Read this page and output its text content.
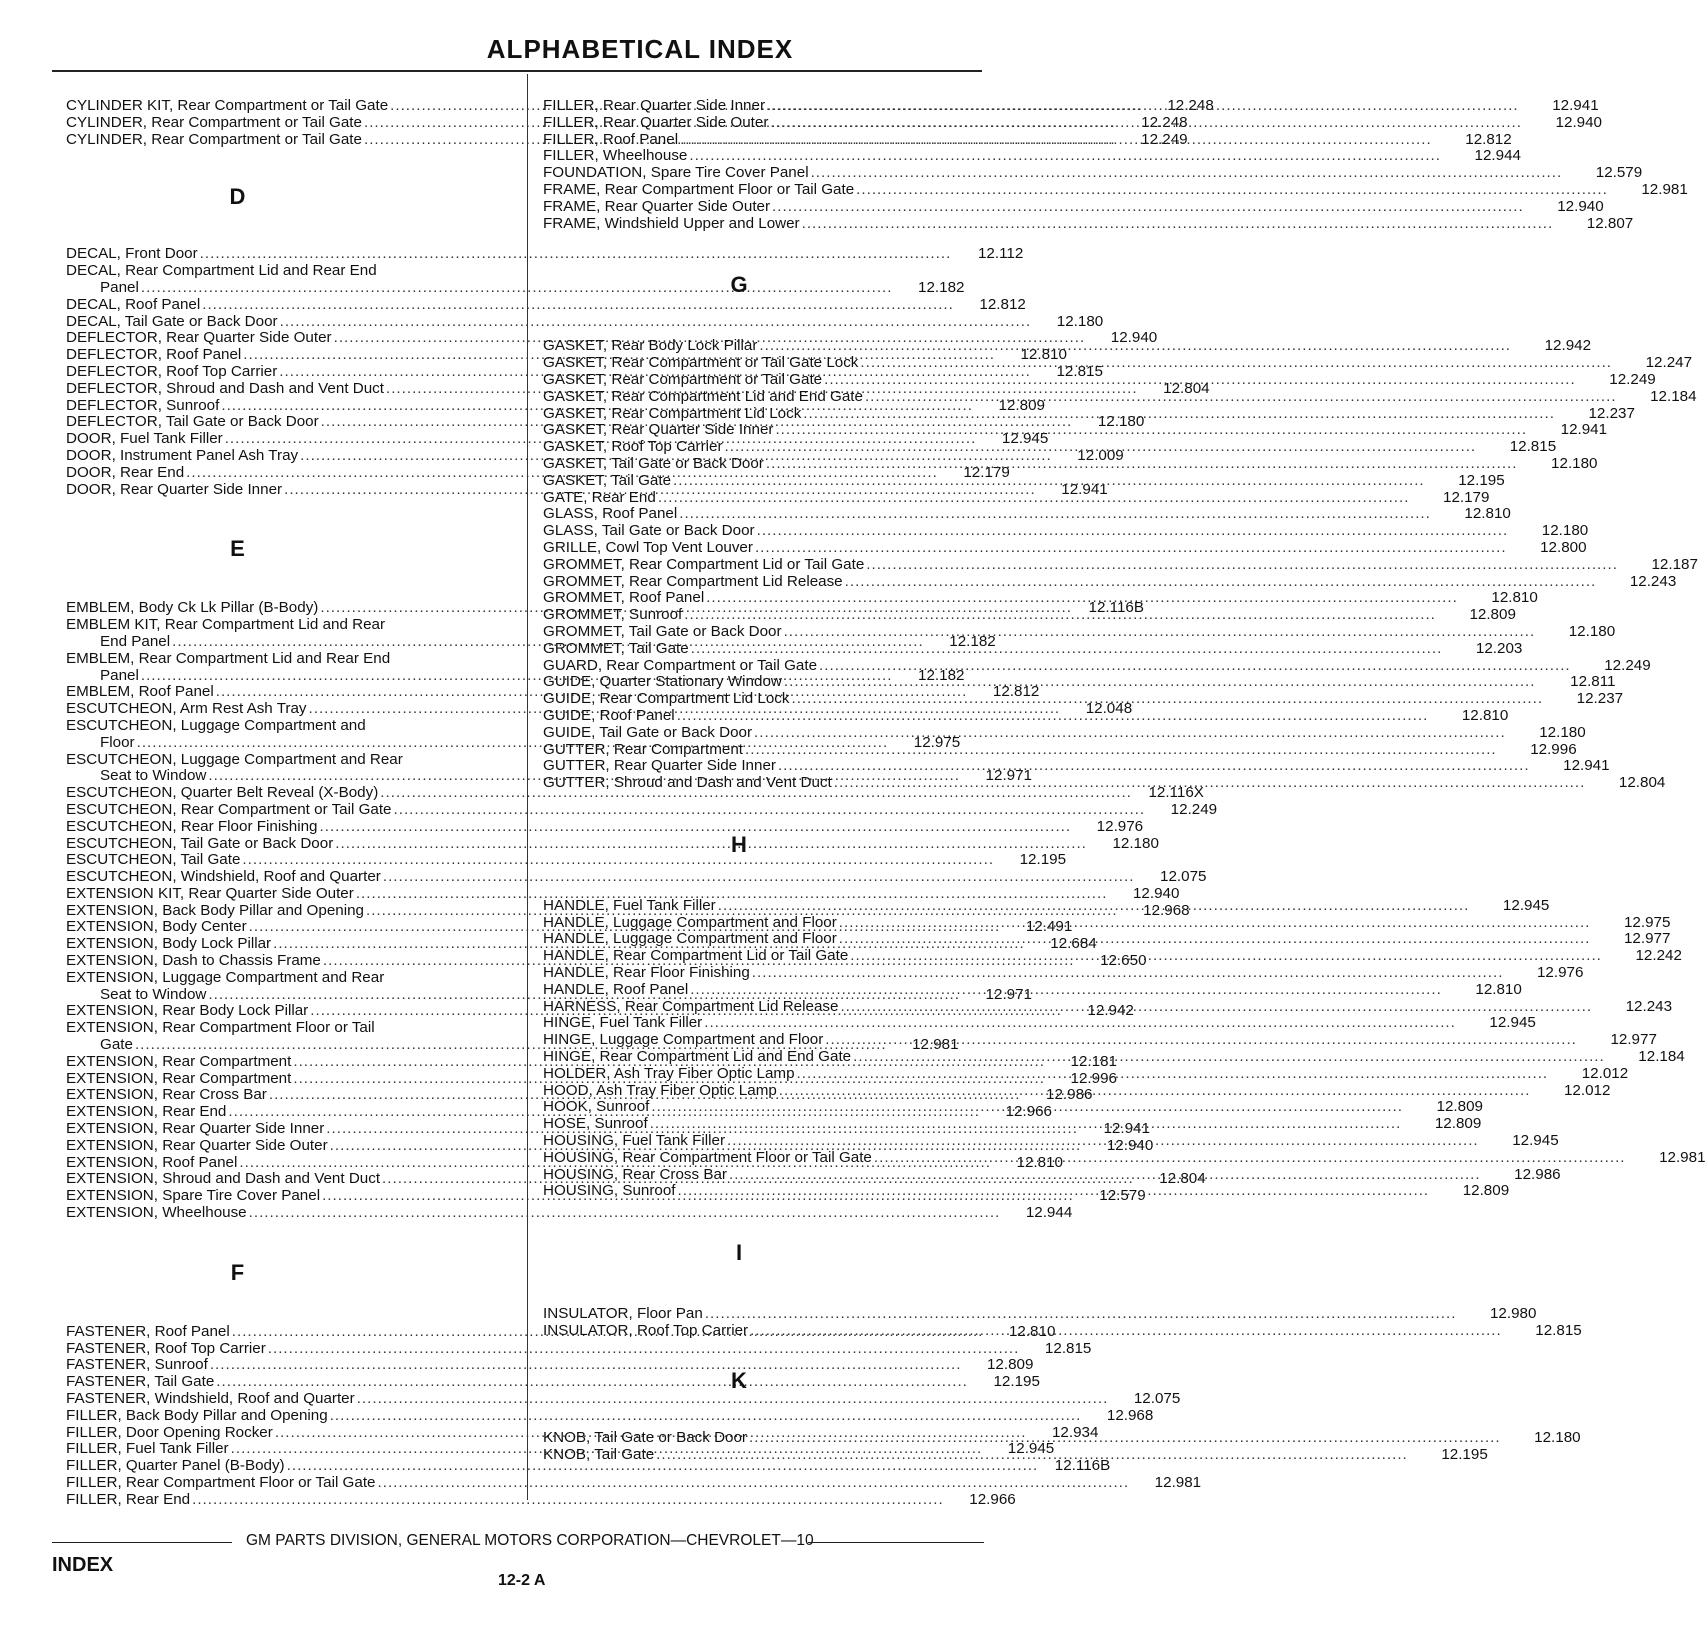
ALPHABETICAL INDEX
CYLINDER KIT, Rear Compartment or Tail Gate .....	12.248
CYLINDER, Rear Compartment or Tail Gate .....	12.248
CYLINDER, Rear Compartment or Tail Gate .....	12.249
D
DECAL, Front Door .....	12.112
DECAL, Rear Compartment Lid and Rear End
Panel .....	12.182
DECAL, Roof Panel .....	12.812
DECAL, Tail Gate or Back Door .....	12.180
DEFLECTOR, Rear Quarter Side Outer .....	12.940
DEFLECTOR, Roof Panel .....	12.810
DEFLECTOR, Roof Top Carrier .....	12.815
DEFLECTOR, Shroud and Dash and Vent Duct .....	12.804
DEFLECTOR, Sunroof .....	12.809
DEFLECTOR, Tail Gate or Back Door .....	12.180
DOOR, Fuel Tank Filler .....	12.945
DOOR, Instrument Panel Ash Tray .....	12.009
DOOR, Rear End .....	12.179
DOOR, Rear Quarter Side Inner .....	12.941
E
EMBLEM, Body Ck Lk Pillar (B-Body) .....	12.116B
EMBLEM KIT, Rear Compartment Lid and Rear
End Panel .....	12.182
EMBLEM, Rear Compartment Lid and Rear End
Panel .....	12.182
EMBLEM, Roof Panel .....	12.812
ESCUTCHEON, Arm Rest Ash Tray .....	12.048
ESCUTCHEON, Luggage Compartment and
Floor .....	12.975
ESCUTCHEON, Luggage Compartment and Rear
Seat to Window .....	12.971
ESCUTCHEON, Quarter Belt Reveal (X-Body) .....	12.116X
ESCUTCHEON, Rear Compartment or Tail Gate .....	12.249
ESCUTCHEON, Rear Floor Finishing .....	12.976
ESCUTCHEON, Tail Gate or Back Door .....	12.180
ESCUTCHEON, Tail Gate .....	12.195
ESCUTCHEON, Windshield, Roof and Quarter .....	12.075
EXTENSION KIT, Rear Quarter Side Outer .....	12.940
EXTENSION, Back Body Pillar and Opening .....	12.968
EXTENSION, Body Center .....	12.491
EXTENSION, Body Lock Pillar .....	12.684
EXTENSION, Dash to Chassis Frame .....	12.650
EXTENSION, Luggage Compartment and Rear
Seat to Window .....	12.971
EXTENSION, Rear Body Lock Pillar .....	12.942
EXTENSION, Rear Compartment Floor or Tail
Gate .....	12.981
EXTENSION, Rear Compartment .....	12.181
EXTENSION, Rear Compartment .....	12.996
EXTENSION, Rear Cross Bar .....	12.986
EXTENSION, Rear End .....	12.966
EXTENSION, Rear Quarter Side Inner .....	12.941
EXTENSION, Rear Quarter Side Outer .....	12.940
EXTENSION, Roof Panel .....	12.810
EXTENSION, Shroud and Dash and Vent Duct .....	12.804
EXTENSION, Spare Tire Cover Panel .....	12.579
EXTENSION, Wheelhouse .....	12.944
F
FASTENER, Roof Panel .....	12.810
FASTENER, Roof Top Carrier .....	12.815
FASTENER, Sunroof .....	12.809
FASTENER, Tail Gate .....	12.195
FASTENER, Windshield, Roof and Quarter .....	12.075
FILLER, Back Body Pillar and Opening .....	12.968
FILLER, Door Opening Rocker .....	12.934
FILLER, Fuel Tank Filler .....	12.945
FILLER, Quarter Panel (B-Body) .....	12.116B
FILLER, Rear Compartment Floor or Tail Gate .....	12.981
FILLER, Rear End .....	12.966
FILLER, Rear Quarter Side Inner .....	12.941
FILLER, Rear Quarter Side Outer .....	12.940
FILLER, Roof Panel .....	12.812
FILLER, Wheelhouse .....	12.944
FOUNDATION, Spare Tire Cover Panel .....	12.579
FRAME, Rear Compartment Floor or Tail Gate .....	12.981
FRAME, Rear Quarter Side Outer .....	12.940
FRAME, Windshield Upper and Lower .....	12.807
G
GASKET, Rear Body Lock Pillar .....	12.942
GASKET, Rear Compartment or Tail Gate Lock .....	12.247
GASKET, Rear Compartment or Tail Gate .....	12.249
GASKET, Rear Compartment Lid and End Gate .....	12.184
GASKET, Rear Compartment Lid Lock .....	12.237
GASKET, Rear Quarter Side Inner .....	12.941
GASKET, Roof Top Carrier .....	12.815
GASKET, Tail Gate or Back Door .....	12.180
GASKET, Tail Gate .....	12.195
GATE, Rear End .....	12.179
GLASS, Roof Panel .....	12.810
GLASS, Tail Gate or Back Door .....	12.180
GRILLE, Cowl Top Vent Louver .....	12.800
GROMMET, Rear Compartment Lid or Tail Gate .....	12.187
GROMMET, Rear Compartment Lid Release .....	12.243
GROMMET, Roof Panel .....	12.810
GROMMET, Sunroof .....	12.809
GROMMET, Tail Gate or Back Door .....	12.180
GROMMET, Tail Gate .....	12.203
GUARD, Rear Compartment or Tail Gate .....	12.249
GUIDE, Quarter Stationary Window .....	12.811
GUIDE, Rear Compartment Lid Lock .....	12.237
GUIDE, Roof Panel .....	12.810
GUIDE, Tail Gate or Back Door .....	12.180
GUTTER, Rear Compartment .....	12.996
GUTTER, Rear Quarter Side Inner .....	12.941
GUTTER, Shroud and Dash and Vent Duct .....	12.804
H
HANDLE, Fuel Tank Filler .....	12.945
HANDLE, Luggage Compartment and Floor .....	12.975
HANDLE, Luggage Compartment and Floor .....	12.977
HANDLE, Rear Compartment Lid or Tail Gate .....	12.242
HANDLE, Rear Floor Finishing .....	12.976
HANDLE, Roof Panel .....	12.810
HARNESS, Rear Compartment Lid Release .....	12.243
HINGE, Fuel Tank Filler .....	12.945
HINGE, Luggage Compartment and Floor .....	12.977
HINGE, Rear Compartment Lid and End Gate .....	12.184
HOLDER, Ash Tray Fiber Optic Lamp .....	12.012
HOOD, Ash Tray Fiber Optic Lamp .....	12.012
HOOK, Sunroof .....	12.809
HOSE, Sunroof .....	12.809
HOUSING, Fuel Tank Filler .....	12.945
HOUSING, Rear Compartment Floor or Tail Gate .....	12.981
HOUSING, Rear Cross Bar .....	12.986
HOUSING, Sunroof .....	12.809
I
INSULATOR, Floor Pan .....	12.980
INSULATOR, Roof Top Carrier .....	12.815
K
KNOB, Tail Gate or Back Door .....	12.180
KNOB, Tail Gate .....	12.195
GM PARTS DIVISION, GENERAL MOTORS CORPORATION—CHEVROLET—10
INDEX
12-2 A
